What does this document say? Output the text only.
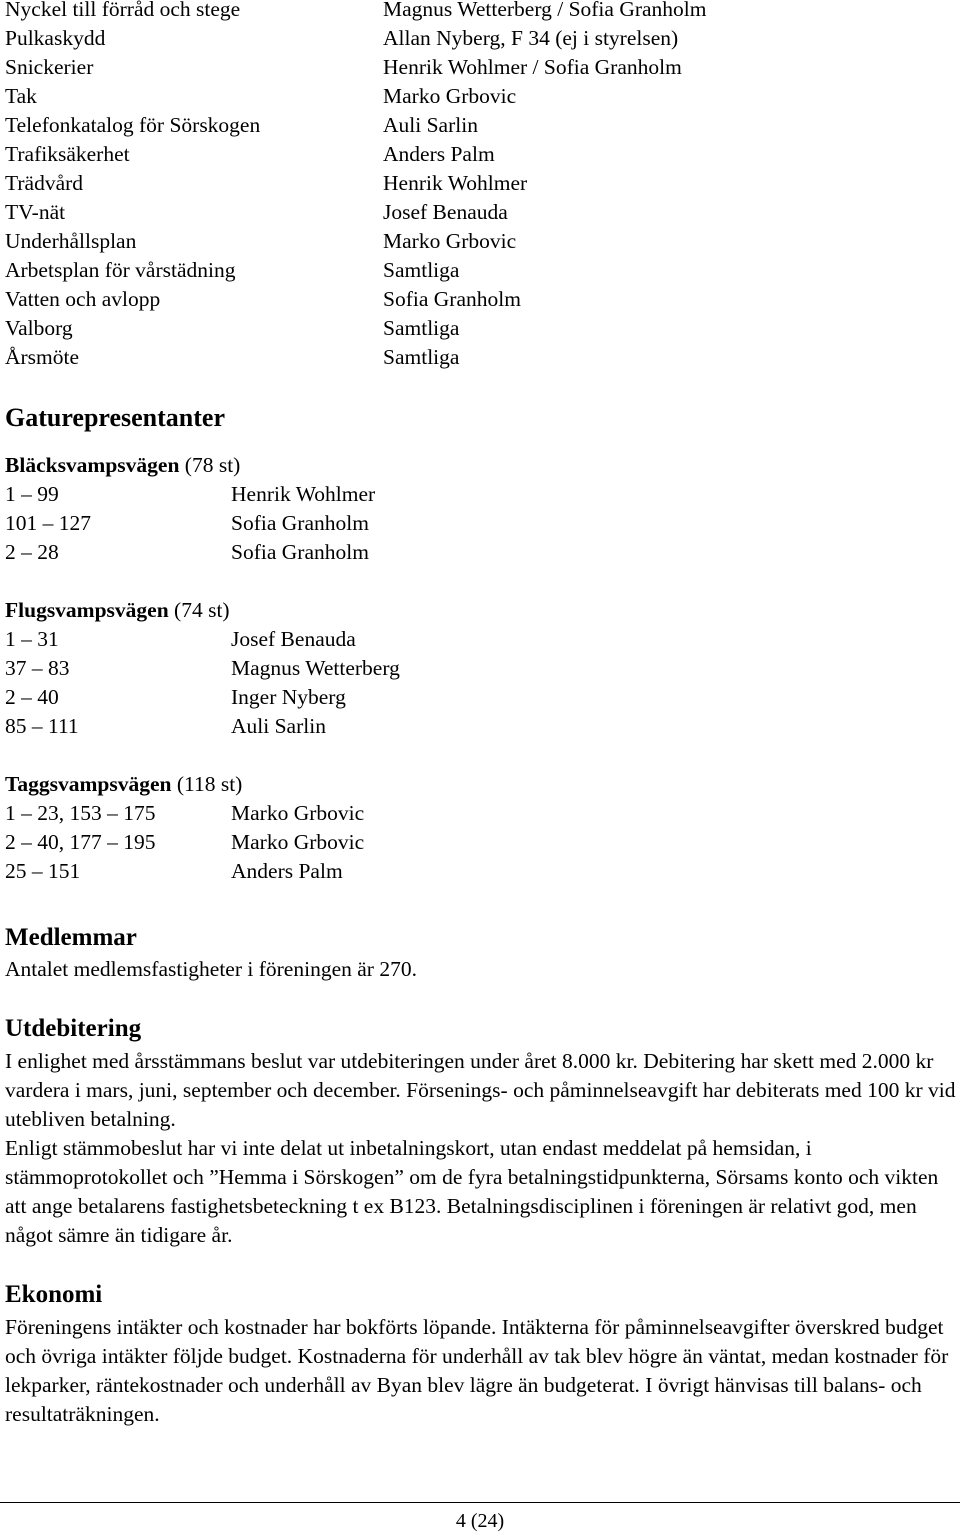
Nyckel till förråd och stege	Magnus Wetterberg / Sofia Granholm
Pulkaskydd	Allan Nyberg, F 34 (ej i styrelsen)
Snickerier	Henrik Wohlmer / Sofia Granholm
Tak	Marko Grbovic
Telefonkatalog för Sörskogen	Auli Sarlin
Trafiksäkerhet	Anders Palm
Trädvård	Henrik Wohlmer
TV-nät	Josef Benauda
Underhållsplan	Marko Grbovic
Arbetsplan för vårstädning	Samtliga
Vatten och avlopp	Sofia Granholm
Valborg	Samtliga
Årsmöte	Samtliga
Gaturepresentanter
Bläcksvampsvägen (78 st)
1 – 99	Henrik Wohlmer
101 – 127	Sofia Granholm
2 – 28	Sofia Granholm
Flugsvampsvägen (74 st)
1 – 31	Josef Benauda
37 – 83	Magnus Wetterberg
2 – 40	Inger Nyberg
85 – 111	Auli Sarlin
Taggsvampsvägen (118 st)
1 – 23, 153 – 175	Marko Grbovic
2 – 40, 177 – 195	Marko Grbovic
25 – 151	Anders Palm
Medlemmar

Antalet medlemsfastigheter i föreningen är 270.

Utdebitering

I enlighet med årsstämmans beslut var utdebiteringen under året 8.000 kr. Debitering har skett med 2.000 kr vardera i mars, juni, september och december. Försenings- och påminnelseavgift har debiterats med 100 kr vid utebliven betalning.

Enligt stämmobeslut har vi inte delat ut inbetalningskort, utan endast meddelat på hemsidan, i stämmoprotokollet och ”Hemma i Sörskogen” om de fyra betalningstidpunkterna, Sörsams konto och vikten att ange betalarens fastighetsbeteckning t ex B123. Betalningsdisciplinen i föreningen är relativt god, men något sämre än tidigare år.

Ekonomi

Föreningens intäkter och kostnader har bokförts löpande. Intäkterna för påminnelseavgifter överskred budget och övriga intäkter följde budget. Kostnaderna för underhåll av tak blev högre än väntat, medan kostnader för lekparker, räntekostnader och underhåll av Byan blev lägre än budgeterat. I övrigt hänvisas till balans- och resultaträkningen.

4 (24)
